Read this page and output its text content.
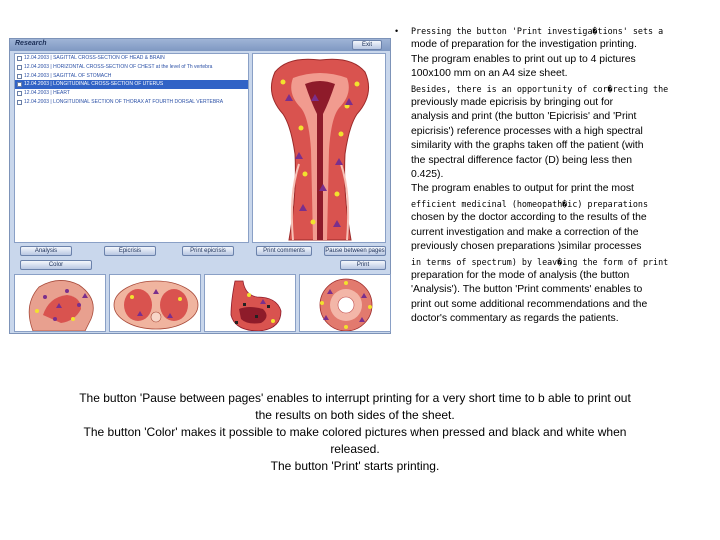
Research	Exit
12.04.2003 | SAGITTAL CROSS-SECTION OF HEAD & BRAIN
12.04.2003 | HORIZONTAL CROSS-SECTION OF CHEST at the level of Th vertebra
12.04.2003 | SAGITTAL OF STOMACH
12.04.2003 | LONGITUDINAL CROSS-SECTION OF UTERUS
12.04.2003 | HEART
12.04.2003 | LONGITUDINAL SECTION OF THORAX AT FOURTH DORSAL VERTEBRA
Analysis	Epicrisis	Print epicrisis	Print comments	Pause between pages
Color	Print
• Pressing the button 'Print investiga�tions' sets a

mode of preparation for the investigation printing.

The program enables to print out up to 4 pictures

100x100 mm on an A4 size sheet.

Besides, there is an opportunity of cor�recting the

previously made epicrisis by bringing out for

analysis and print (the button 'Epicrisis' and 'Print

epicrisis') reference processes with a high spectral

similarity with the graphs taken off the patient (with

the spectral difference factor (D) being less then

0.425).

The program enables to output for print the most

efficient medicinal (homeopath�ic) preparations

chosen by the doctor according to the results of the

current investigation and make a correction of the

previously chosen preparations )similar processes

in terms of spectrum) by leav�ing the form of print

preparation for the mode of analysis (the button

'Analysis'). The button 'Print comments' enables to

print out some additional recommendations and the

doctor's commentary as regards the patients.

The button 'Pause between pages' enables to interrupt printing for a very short time to b able to print out

the results on both sides of the sheet.

The button 'Color' makes it possible to make colored pictures when pressed and black and white when

released.

The button 'Print' starts printing.
